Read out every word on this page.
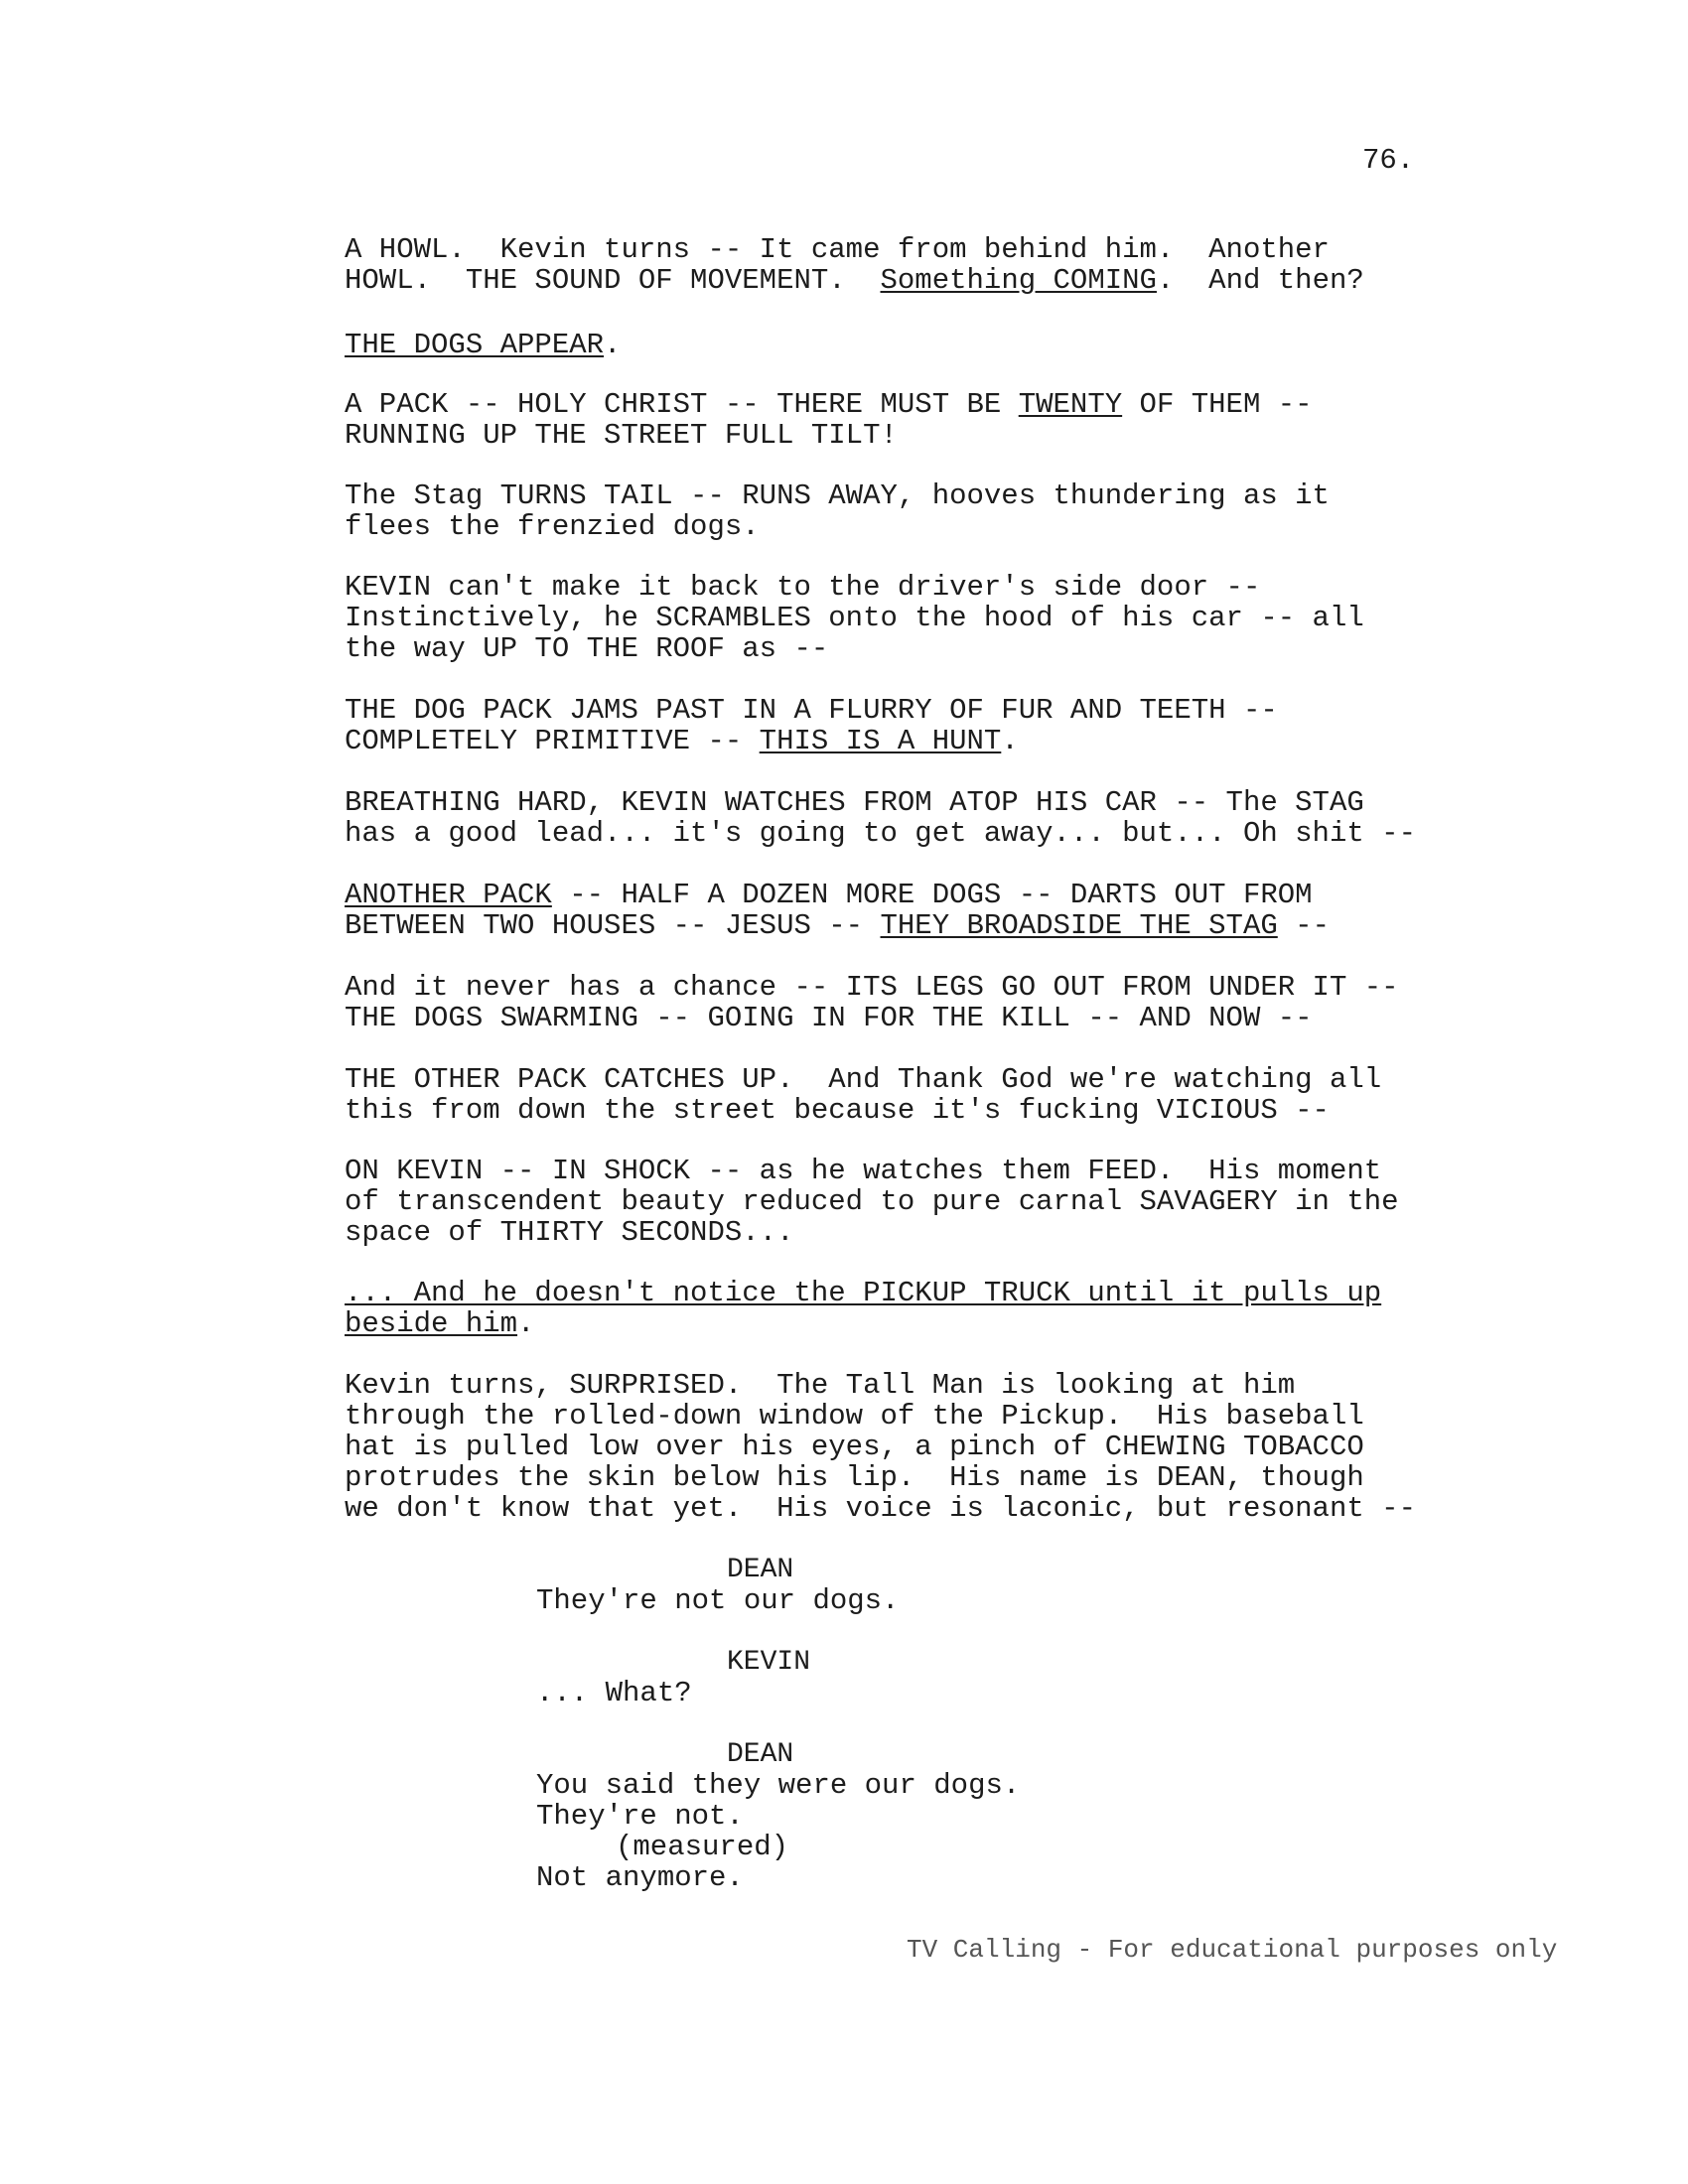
76.

A HOWL.  Kevin turns -- It came from behind him.  Another
HOWL.  THE SOUND OF MOVEMENT.  Something COMING.  And then?

THE DOGS APPEAR.

A PACK -- HOLY CHRIST -- THERE MUST BE TWENTY OF THEM --
RUNNING UP THE STREET FULL TILT!

The Stag TURNS TAIL -- RUNS AWAY, hooves thundering as it
flees the frenzied dogs.

KEVIN can't make it back to the driver's side door --
Instinctively, he SCRAMBLES onto the hood of his car -- all
the way UP TO THE ROOF as --

THE DOG PACK JAMS PAST IN A FLURRY OF FUR AND TEETH --
COMPLETELY PRIMITIVE -- THIS IS A HUNT.

BREATHING HARD, KEVIN WATCHES FROM ATOP HIS CAR -- The STAG
has a good lead... it's going to get away... but... Oh shit --

ANOTHER PACK -- HALF A DOZEN MORE DOGS -- DARTS OUT FROM
BETWEEN TWO HOUSES -- JESUS -- THEY BROADSIDE THE STAG --

And it never has a chance -- ITS LEGS GO OUT FROM UNDER IT --
THE DOGS SWARMING -- GOING IN FOR THE KILL -- AND NOW --

THE OTHER PACK CATCHES UP.  And Thank God we're watching all
this from down the street because it's fucking VICIOUS --

ON KEVIN -- IN SHOCK -- as he watches them FEED.  His moment
of transcendent beauty reduced to pure carnal SAVAGERY in the
space of THIRTY SECONDS...

... And he doesn't notice the PICKUP TRUCK until it pulls up
beside him.

Kevin turns, SURPRISED.  The Tall Man is looking at him
through the rolled-down window of the Pickup.  His baseball
hat is pulled low over his eyes, a pinch of CHEWING TOBACCO
protrudes the skin below his lip.  His name is DEAN, though
we don't know that yet.  His voice is laconic, but resonant --

DEAN
They're not our dogs.
KEVIN
... What?
DEAN
You said they were our dogs.
They're not.
(measured)
Not anymore.
TV Calling - For educational purposes only
